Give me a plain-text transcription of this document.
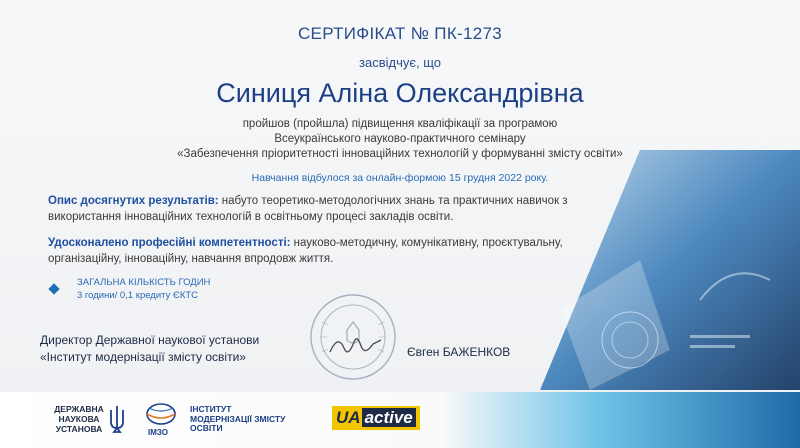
СЕРТИФІКАТ № ПК-1273
засвідчує, що
Синиця Аліна Олександрівна
пройшов (пройшла) підвищення кваліфікації за програмою
Всеукраїнського науково-практичного семінару
«Забезпечення пріоритетності інноваційних технологій у формуванні змісту освіти»
Навчання відбулося за онлайн-формою 15 грудня 2022 року.
Опис досягнутих результатів: набуто теоретико-методологічних знань та практичних навичок з використання інноваційних технологій в освітньому процесі закладів освіти.
Удосконалено професійні компетентності: науково-методичну, комунікативну, проєктувальну, організаційну, інноваційну, навчання впродовж життя.
ЗАГАЛЬНА КІЛЬКІСТЬ ГОДИН
3 години/ 0,1 кредиту ЄКТС
Директор Державної наукової установи
«Інститут модернізації змісту освіти»	Євген БАЖЕНКОВ
ДЕРЖАВНА
НАУКОВА
УСТАНОВА	ІМЗО
ІНСТИТУТ
МОДЕРНІЗАЦІЇ ЗМІСТУ
ОСВІТИ
UA active
